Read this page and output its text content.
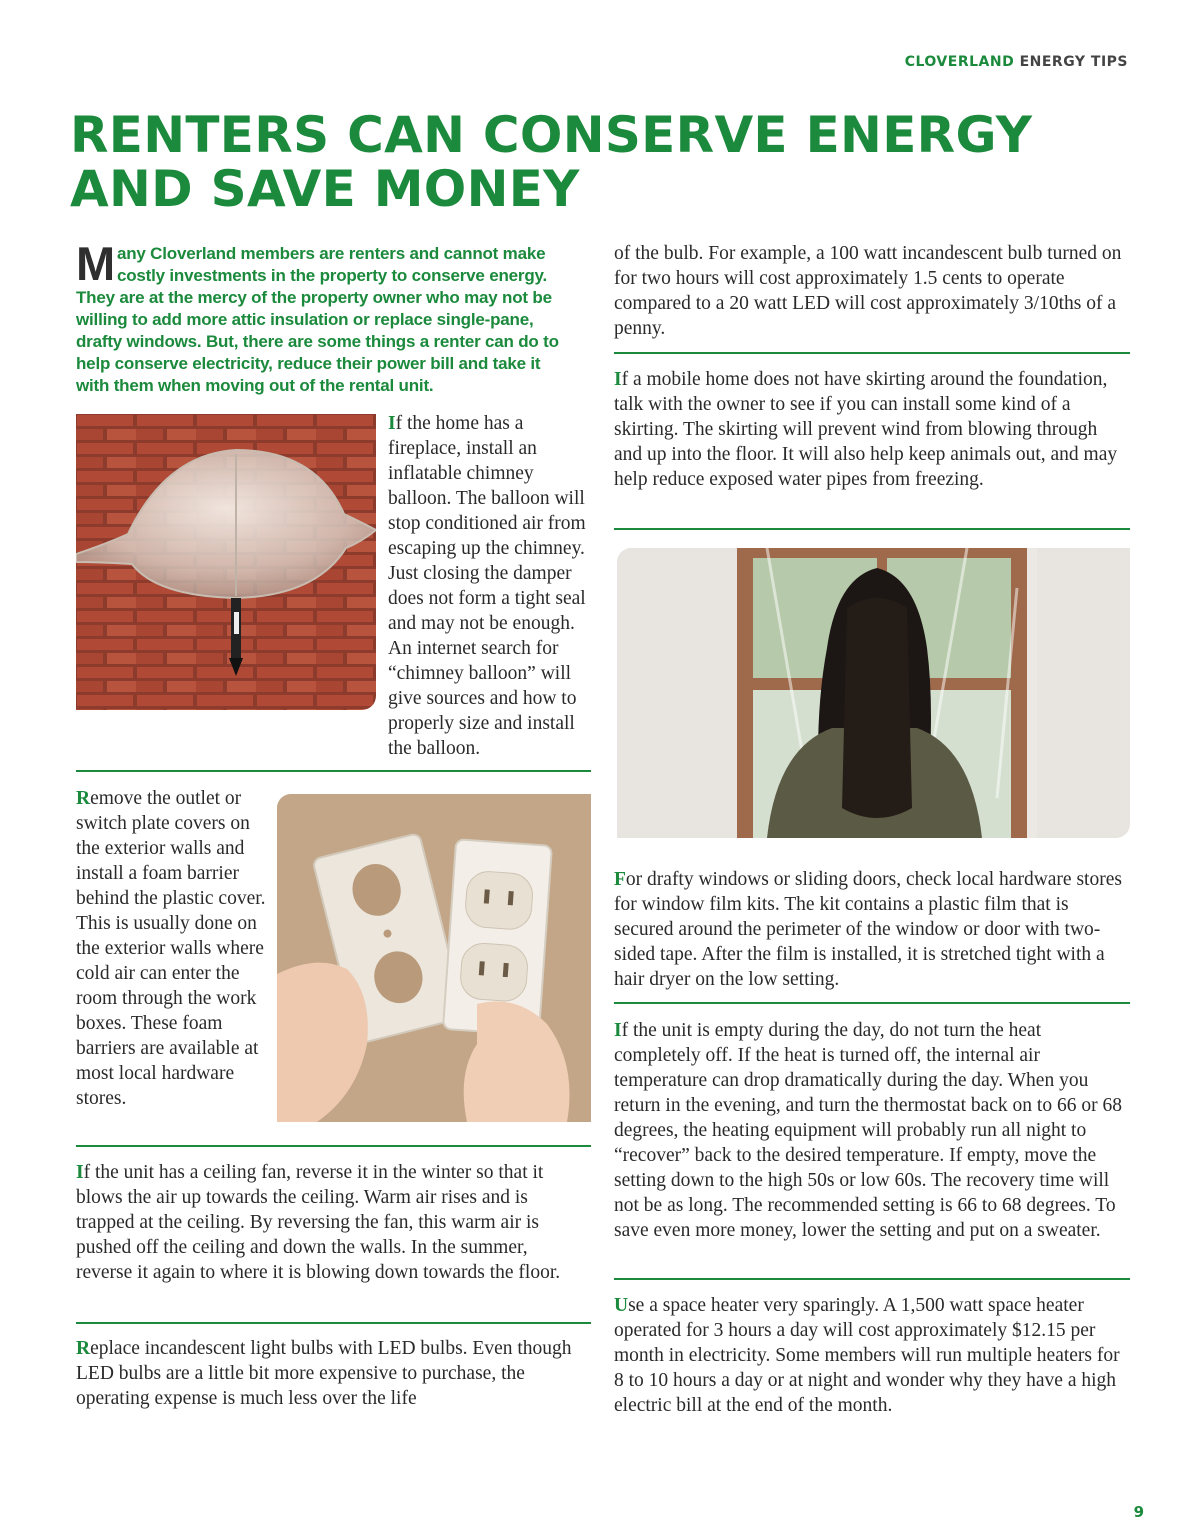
CLOVERLAND ENERGY TIPS
RENTERS CAN CONSERVE ENERGY AND SAVE MONEY
Many Cloverland members are renters and cannot make costly investments in the property to conserve energy. They are at the mercy of the property owner who may not be willing to add more attic insulation or replace single-pane, drafty windows. But, there are some things a renter can do to help conserve electricity, reduce their power bill and take it with them when moving out of the rental unit.
If the home has a fireplace, install an inflatable chimney balloon. The balloon will stop conditioned air from escaping up the chimney. Just closing the damper does not form a tight seal and may not be enough. An internet search for “chimney balloon” will give sources and how to properly size and install the balloon.
Remove the outlet or switch plate covers on the exterior walls and install a foam barrier behind the plastic cover. This is usually done on the exterior walls where cold air can enter the room through the work boxes. These foam barriers are available at most local hardware stores.
If the unit has a ceiling fan, reverse it in the winter so that it blows the air up towards the ceiling. Warm air rises and is trapped at the ceiling. By reversing the fan, this warm air is pushed off the ceiling and down the walls. In the summer, reverse it again to where it is blowing down towards the floor.
Replace incandescent light bulbs with LED bulbs. Even though LED bulbs are a little bit more expensive to purchase, the operating expense is much less over the life
of the bulb. For example, a 100 watt incandescent bulb turned on for two hours will cost approximately 1.5 cents to operate compared to a 20 watt LED will cost approximately 3/10ths of a penny.
If a mobile home does not have skirting around the foundation, talk with the owner to see if you can install some kind of a skirting. The skirting will prevent wind from blowing through and up into the floor. It will also help keep animals out, and may help reduce exposed water pipes from freezing.
For drafty windows or sliding doors, check local hardware stores for window film kits. The kit contains a plastic film that is secured around the perimeter of the window or door with two-sided tape. After the film is installed, it is stretched tight with a hair dryer on the low setting.
If the unit is empty during the day, do not turn the heat completely off. If the heat is turned off, the internal air temperature can drop dramatically during the day. When you return in the evening, and turn the thermostat back on to 66 or 68 degrees, the heating equipment will probably run all night to “recover” back to the desired temperature. If empty, move the setting down to the high 50s or low 60s. The recovery time will not be as long. The recommended setting is 66 to 68 degrees. To save even more money, lower the setting and put on a sweater.
Use a space heater very sparingly. A 1,500 watt space heater operated for 3 hours a day will cost approximately $12.15 per month in electricity. Some members will run multiple heaters for 8 to 10 hours a day or at night and wonder why they have a high electric bill at the end of the month.
9
